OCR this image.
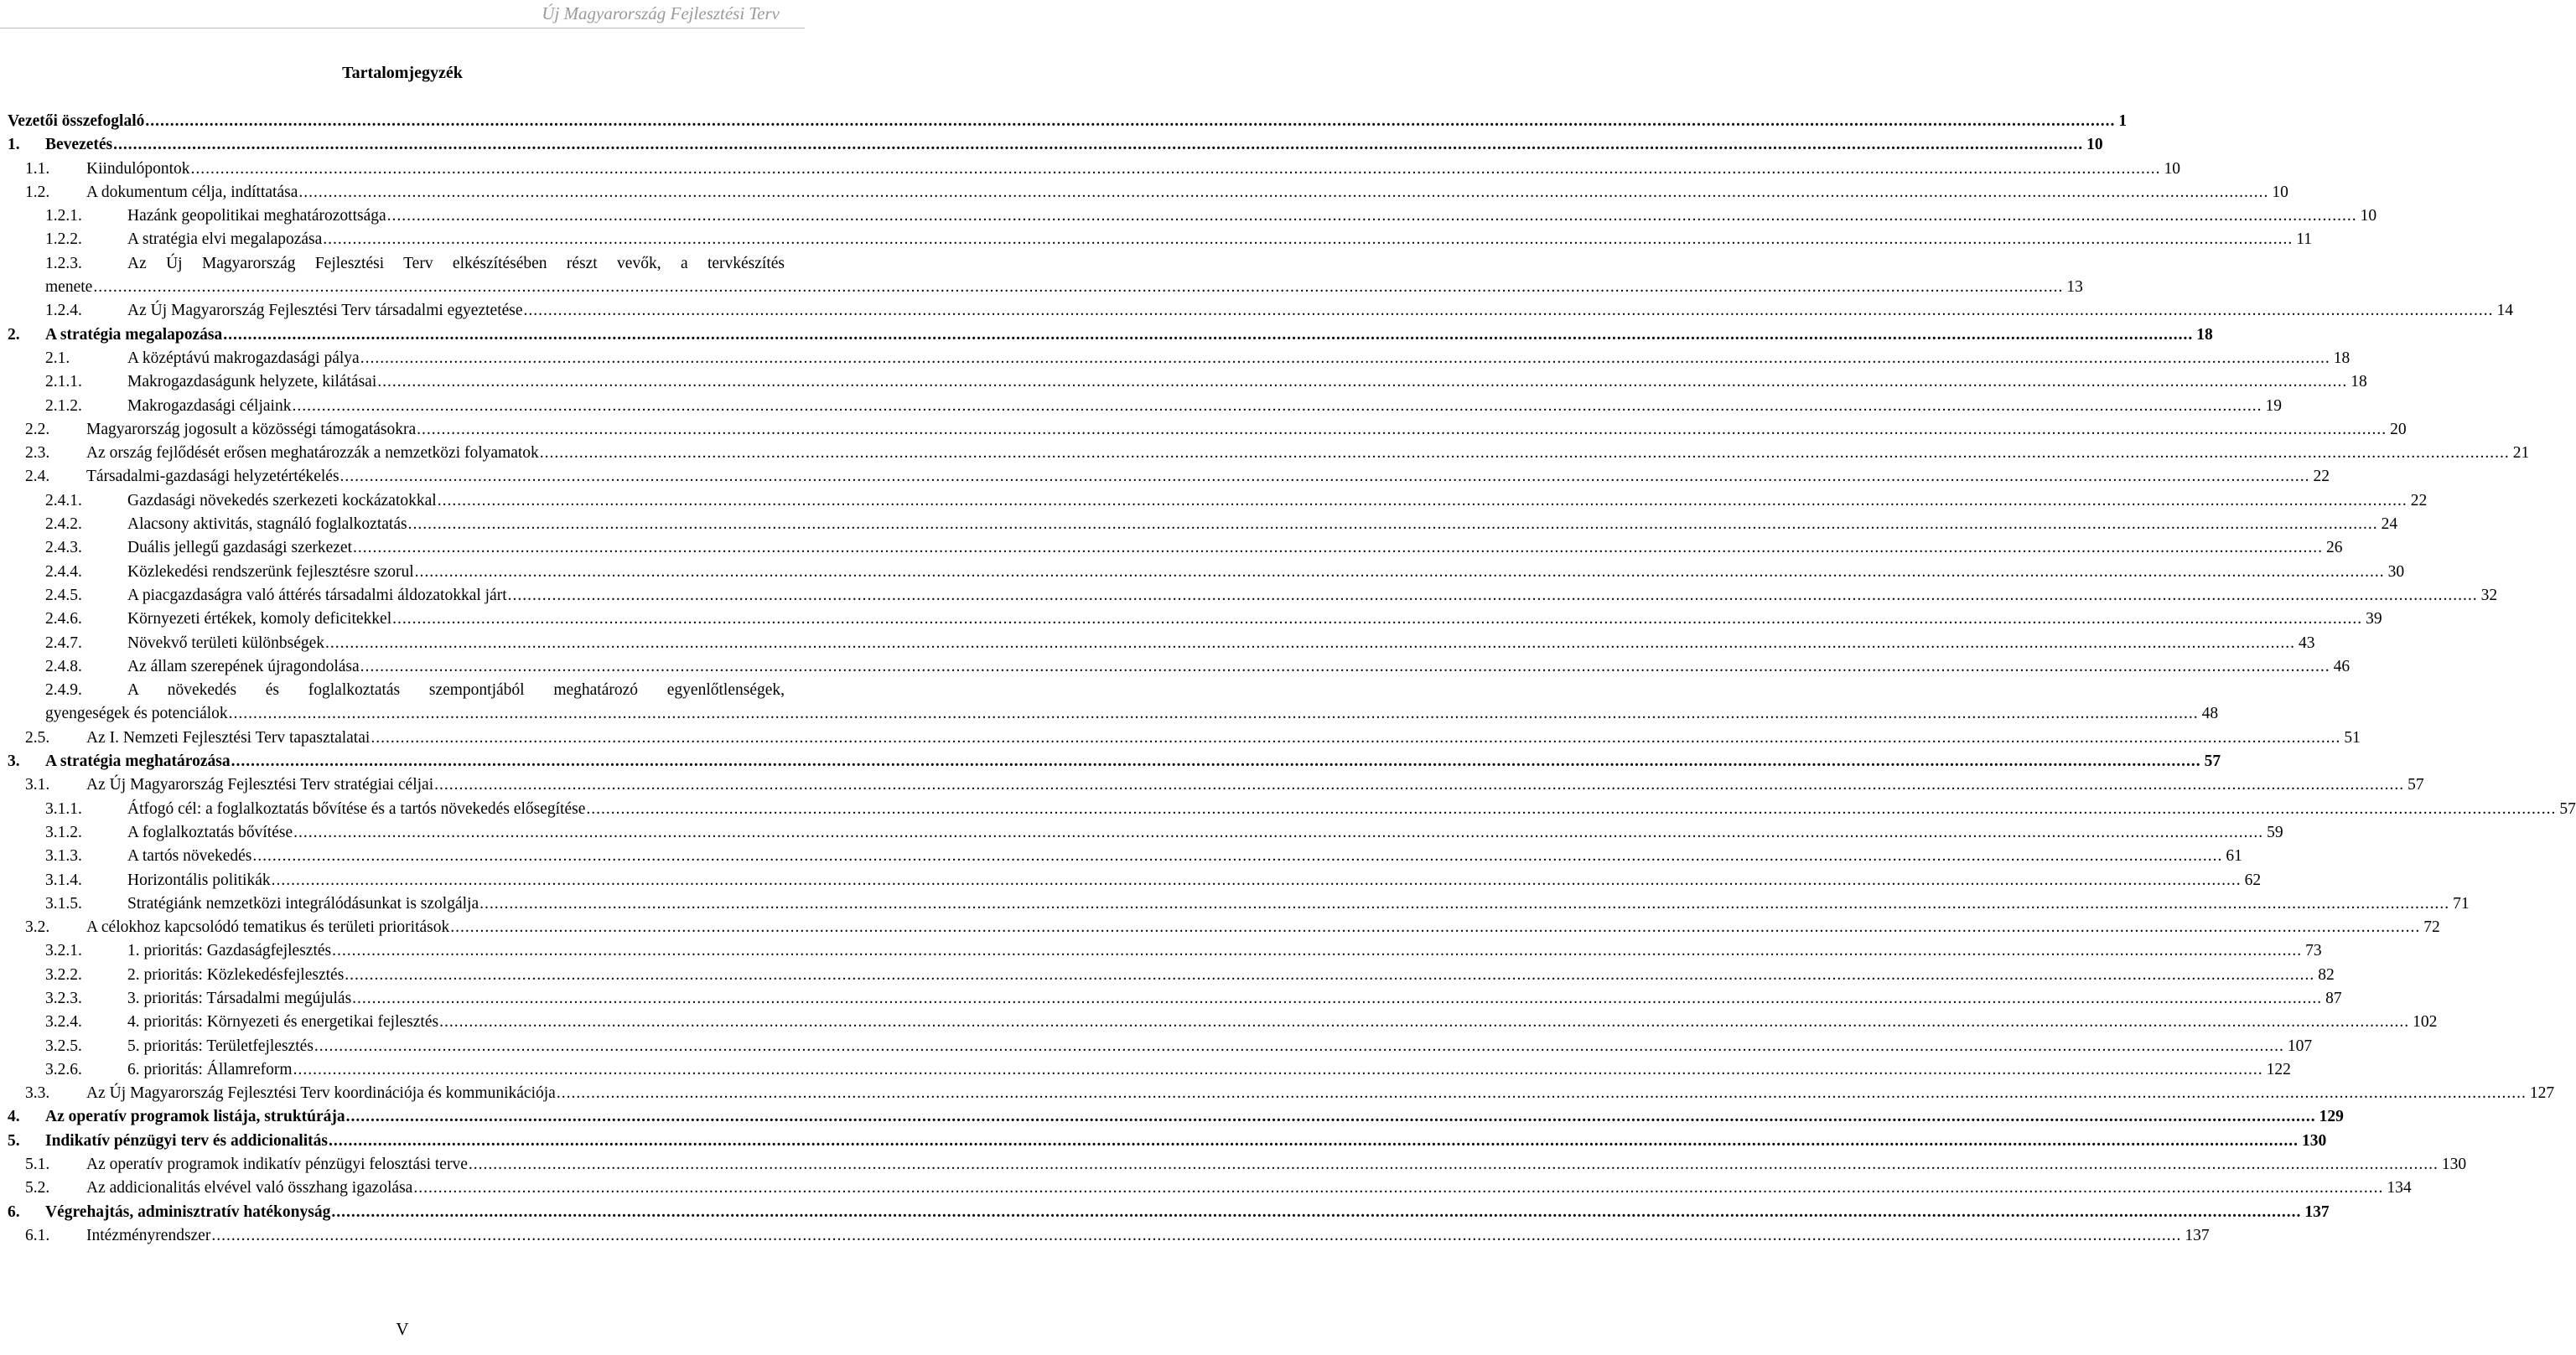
Új Magyarország Fejlesztési Terv
Tartalomjegyzék
Vezetői összefoglaló ................................................................................................................................................................................................................................................................................................................................................................................................................ 1
1. Bevezetés ................................................................................................................................................................................................................................................................................................................................................................................................................ 10
1.1. Kiindulópontok ................................................................................................................................................................................................................................................................................................................................................................................................................ 10
1.2. A dokumentum célja, indíttatása ................................................................................................................................................................................................................................................................................................................................................................................................................ 10
1.2.1.	Hazánk geopolitikai meghatározottsága ................................................................................................................................................................................................................................................................................................................................................................................................................ 10
1.2.2.	A stratégia elvi megalapozása ................................................................................................................................................................................................................................................................................................................................................................................................................ 11
1.2.3.	Az Új Magyarország Fejlesztési Terv elkészítésében részt vevők, a tervkészítés
menete ................................................................................................................................................................................................................................................................................................................................................................................................................ 13
1.2.4.	Az Új Magyarország Fejlesztési Terv társadalmi egyeztetése ................................................................................................................................................................................................................................................................................................................................................................................................................ 14
2. A stratégia megalapozása ................................................................................................................................................................................................................................................................................................................................................................................................................ 18
2.1.	A középtávú makrogazdasági pálya ................................................................................................................................................................................................................................................................................................................................................................................................................ 18
2.1.1.	Makrogazdaságunk helyzete, kilátásai ................................................................................................................................................................................................................................................................................................................................................................................................................ 18
2.1.2.	Makrogazdasági céljaink ................................................................................................................................................................................................................................................................................................................................................................................................................ 19
2.2. Magyarország jogosult a közösségi támogatásokra ................................................................................................................................................................................................................................................................................................................................................................................................................ 20
2.3. Az ország fejlődését erősen meghatározzák a nemzetközi folyamatok ................................................................................................................................................................................................................................................................................................................................................................................................................ 21
2.4. Társadalmi-gazdasági helyzetértékelés ................................................................................................................................................................................................................................................................................................................................................................................................................ 22
2.4.1.	Gazdasági növekedés szerkezeti kockázatokkal ................................................................................................................................................................................................................................................................................................................................................................................................................ 22
2.4.2.	Alacsony aktivitás, stagnáló foglalkoztatás ................................................................................................................................................................................................................................................................................................................................................................................................................ 24
2.4.3.	Duális jellegű gazdasági szerkezet ................................................................................................................................................................................................................................................................................................................................................................................................................ 26
2.4.4.	Közlekedési rendszerünk fejlesztésre szorul ................................................................................................................................................................................................................................................................................................................................................................................................................ 30
2.4.5.	A piacgazdaságra való áttérés társadalmi áldozatokkal járt ................................................................................................................................................................................................................................................................................................................................................................................................................ 32
2.4.6.	Környezeti értékek, komoly deficitekkel ................................................................................................................................................................................................................................................................................................................................................................................................................ 39
2.4.7.	Növekvő területi különbségek ................................................................................................................................................................................................................................................................................................................................................................................................................ 43
2.4.8.	Az állam szerepének újragondolása ................................................................................................................................................................................................................................................................................................................................................................................................................ 46
2.4.9.	A növekedés és foglalkoztatás szempontjából meghatározó egyenlőtlenségek,
gyengeségek és potenciálok ................................................................................................................................................................................................................................................................................................................................................................................................................ 48
2.5. Az I. Nemzeti Fejlesztési Terv tapasztalatai ................................................................................................................................................................................................................................................................................................................................................................................................................ 51
3. A stratégia meghatározása ................................................................................................................................................................................................................................................................................................................................................................................................................ 57
3.1. Az Új Magyarország Fejlesztési Terv stratégiai céljai ................................................................................................................................................................................................................................................................................................................................................................................................................ 57
3.1.1.	Átfogó cél: a foglalkoztatás bővítése és a tartós növekedés elősegítése ................................................................................................................................................................................................................................................................................................................................................................................................................ 57
3.1.2.	A foglalkoztatás bővítése ................................................................................................................................................................................................................................................................................................................................................................................................................ 59
3.1.3.	A tartós növekedés ................................................................................................................................................................................................................................................................................................................................................................................................................ 61
3.1.4.	Horizontális politikák ................................................................................................................................................................................................................................................................................................................................................................................................................ 62
3.1.5.	Stratégiánk nemzetközi integrálódásunkat is szolgálja ................................................................................................................................................................................................................................................................................................................................................................................................................ 71
3.2. A célokhoz kapcsolódó tematikus és területi prioritások ................................................................................................................................................................................................................................................................................................................................................................................................................ 72
3.2.1.	1. prioritás: Gazdaságfejlesztés ................................................................................................................................................................................................................................................................................................................................................................................................................ 73
3.2.2.	2. prioritás: Közlekedésfejlesztés ................................................................................................................................................................................................................................................................................................................................................................................................................ 82
3.2.3.	3. prioritás: Társadalmi megújulás ................................................................................................................................................................................................................................................................................................................................................................................................................ 87
3.2.4.	4. prioritás: Környezeti és energetikai fejlesztés ................................................................................................................................................................................................................................................................................................................................................................................................................ 102
3.2.5.	5. prioritás: Területfejlesztés ................................................................................................................................................................................................................................................................................................................................................................................................................ 107
3.2.6.	6. prioritás: Államreform ................................................................................................................................................................................................................................................................................................................................................................................................................ 122
3.3. Az Új Magyarország Fejlesztési Terv koordinációja és kommunikációja ................................................................................................................................................................................................................................................................................................................................................................................................................ 127
4. Az operatív programok listája, struktúrája ................................................................................................................................................................................................................................................................................................................................................................................................................ 129
5. Indikatív pénzügyi terv és addicionalitás ................................................................................................................................................................................................................................................................................................................................................................................................................ 130
5.1. Az operatív programok indikatív pénzügyi felosztási terve ................................................................................................................................................................................................................................................................................................................................................................................................................ 130
5.2. Az addicionalitás elvével való összhang igazolása ................................................................................................................................................................................................................................................................................................................................................................................................................ 134
6. Végrehajtás, adminisztratív hatékonyság ................................................................................................................................................................................................................................................................................................................................................................................................................ 137
6.1. Intézményrendszer ................................................................................................................................................................................................................................................................................................................................................................................................................ 137
V
